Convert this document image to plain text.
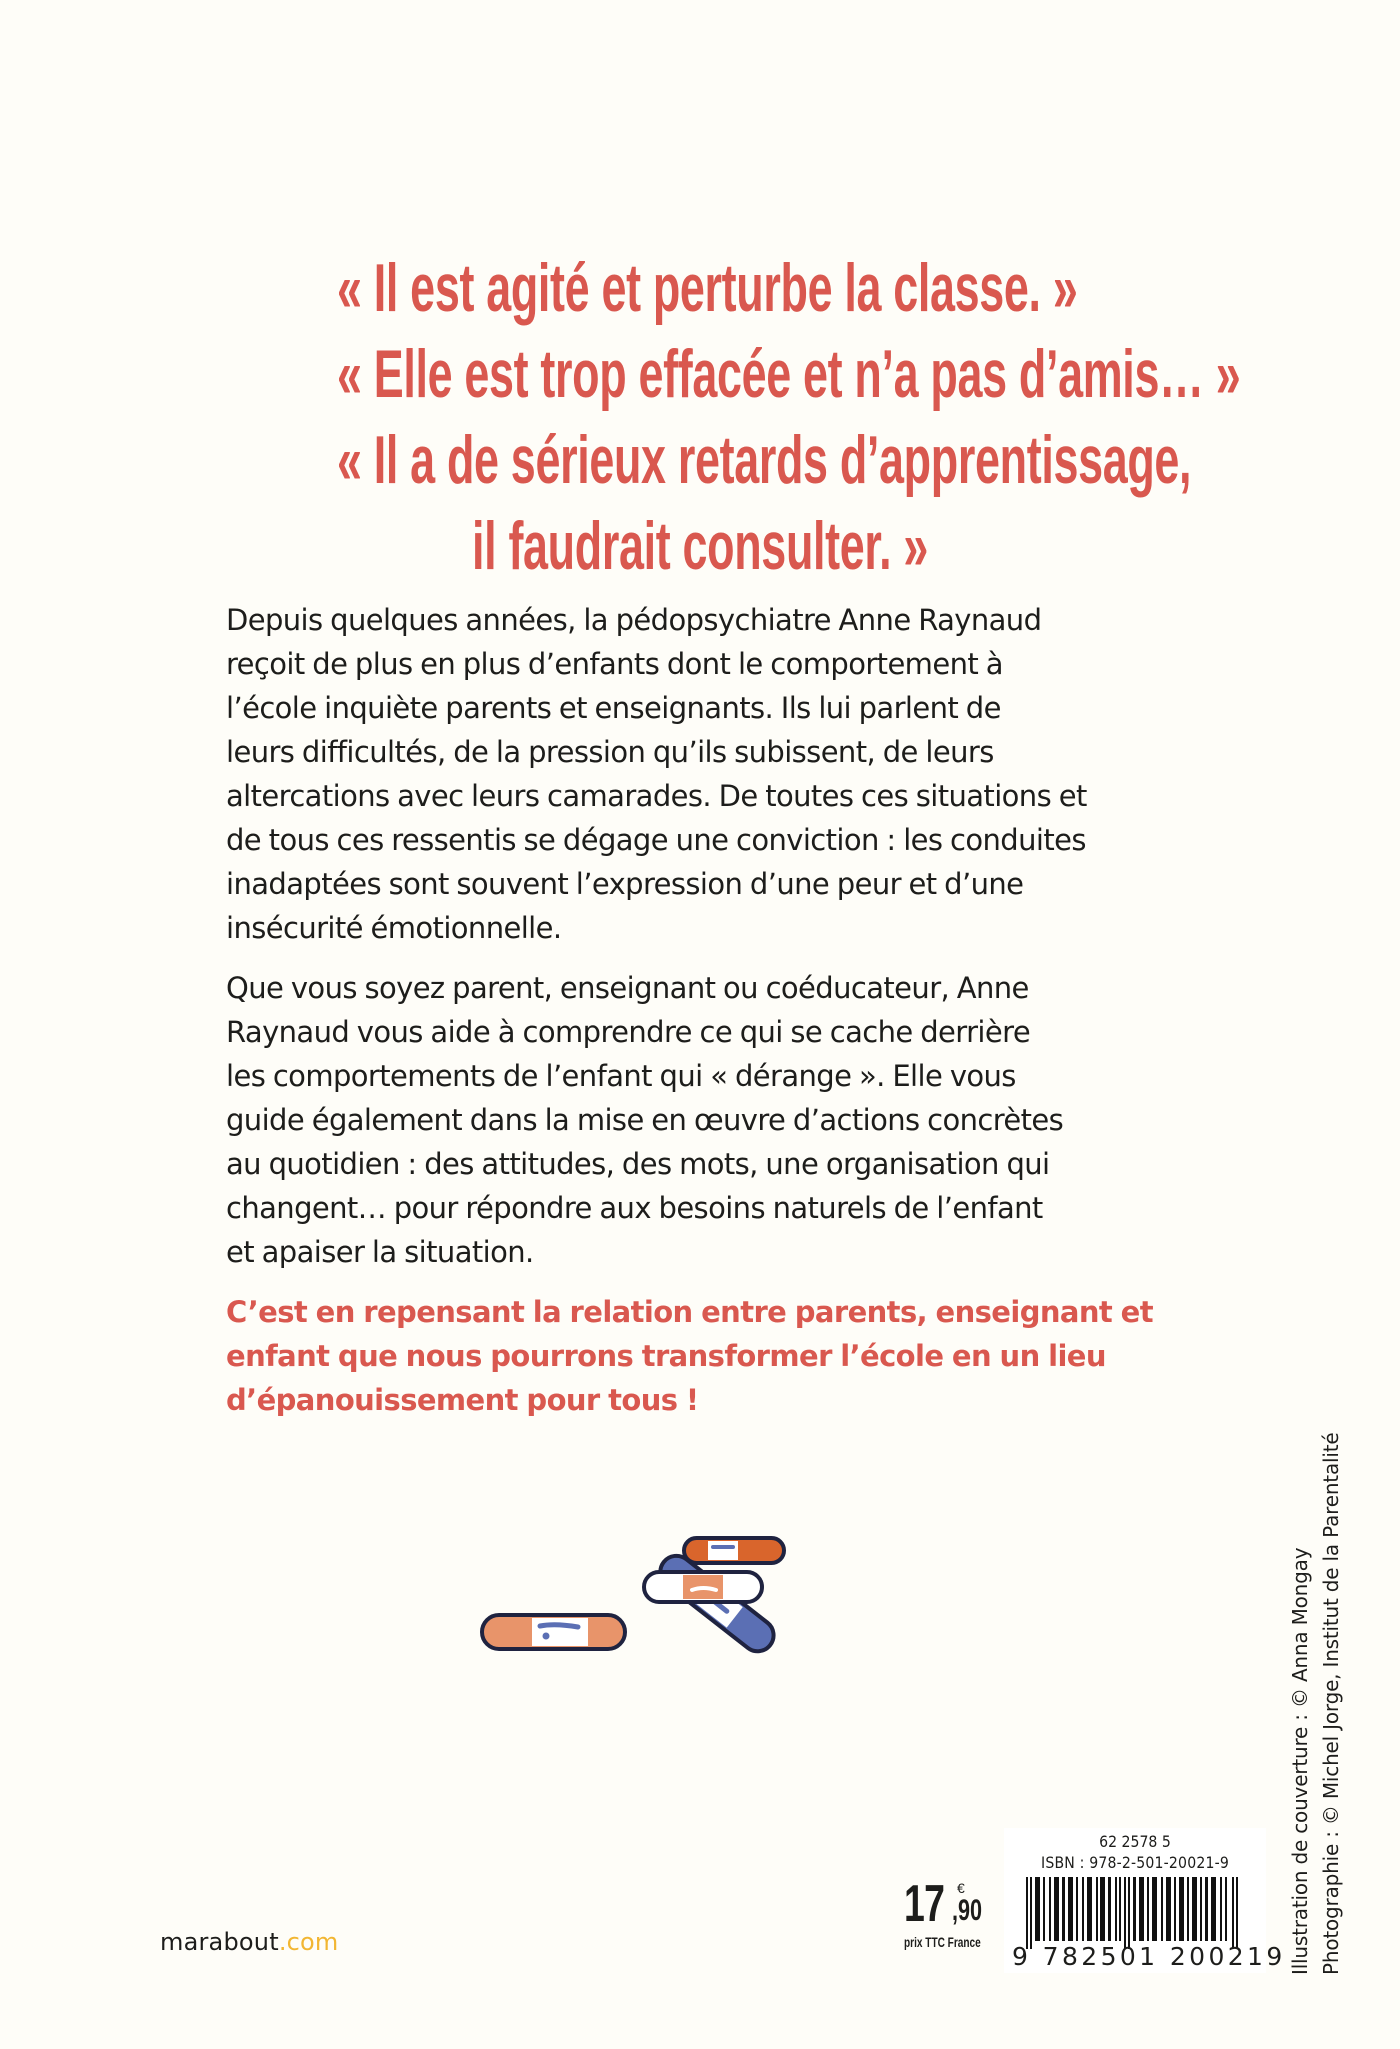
« Il est agité et perturbe la classe. »
« Elle est trop effacée et n’a pas d’amis… »
« Il a de sérieux retards d’apprentissage,
il faudrait consulter. »
Depuis quelques années, la pédopsychiatre Anne Raynaud
reçoit de plus en plus d’enfants dont le comportement à
l’école inquiète parents et enseignants. Ils lui parlent de
leurs difficultés, de la pression qu’ils subissent, de leurs
altercations avec leurs camarades. De toutes ces situations et
de tous ces ressentis se dégage une conviction : les conduites
inadaptées sont souvent l’expression d’une peur et d’une
insécurité émotionnelle.
Que vous soyez parent, enseignant ou coéducateur, Anne
Raynaud vous aide à comprendre ce qui se cache derrière
les comportements de l’enfant qui « dérange ». Elle vous
guide également dans la mise en œuvre d’actions concrètes
au quotidien : des attitudes, des mots, une organisation qui
changent… pour répondre aux besoins naturels de l’enfant
et apaiser la situation.
C’est en repensant la relation entre parents, enseignant et
enfant que nous pourrons transformer l’école en un lieu
d’épanouissement pour tous !
Illustration de couverture : © Anna Mongay Photographie : © Michel Jorge, Institut de la Parentalité
marabout.com
17 €
,90
prix TTC France
62 2578 5
ISBN : 978-2-501-20021-9
9 782501 200219
